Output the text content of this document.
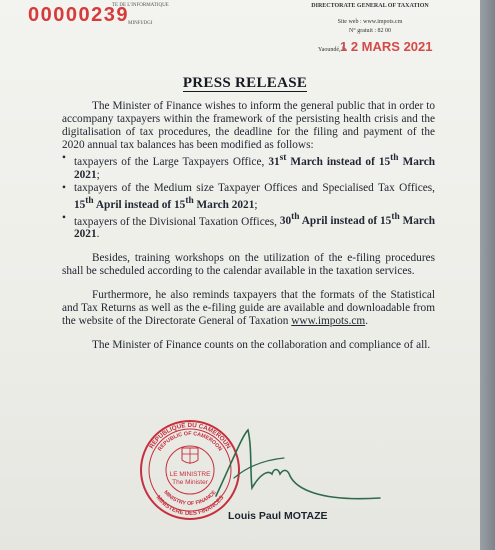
00000239
TE DE L'INFORMATIQUE
MINFI/DGI
DIRECTORATE GENERAL OF TAXATION
Site web : www.impots.cm
N° gratuit : 82 00
Yaoundé, le
1 2 MARS 2021
PRESS RELEASE

The Minister of Finance wishes to inform the general public that in order to accompany taxpayers within the framework of the persisting health crisis and the digitalisation of tax procedures, the deadline for the filing and payment of the 2020 annual tax balances has been modified as follows:

• taxpayers of the Large Taxpayers Office, 31st March instead of 15th March 2021;
• taxpayers of the Medium size Taxpayer Offices and Specialised Tax Offices, 15th April instead of 15th March 2021;
• taxpayers of the Divisional Taxation Offices, 30th April instead of 15th March 2021.

Besides, training workshops on the utilization of the e-filing procedures shall be scheduled according to the calendar available in the taxation services.

Furthermore, he also reminds taxpayers that the formats of the Statistical and Tax Returns as well as the e-filing guide are available and downloadable from the website of the Directorate General of Taxation www.impots.cm.

The Minister of Finance counts on the collaboration and compliance of all.

REPUBLIQUE DU CAMEROUN
REPUBLIC OF CAMEROON
MINISTRY OF FINANCE
MINISTERE DES FINANCES
LE MINISTRE
The Minister
Louis Paul MOTAZE
